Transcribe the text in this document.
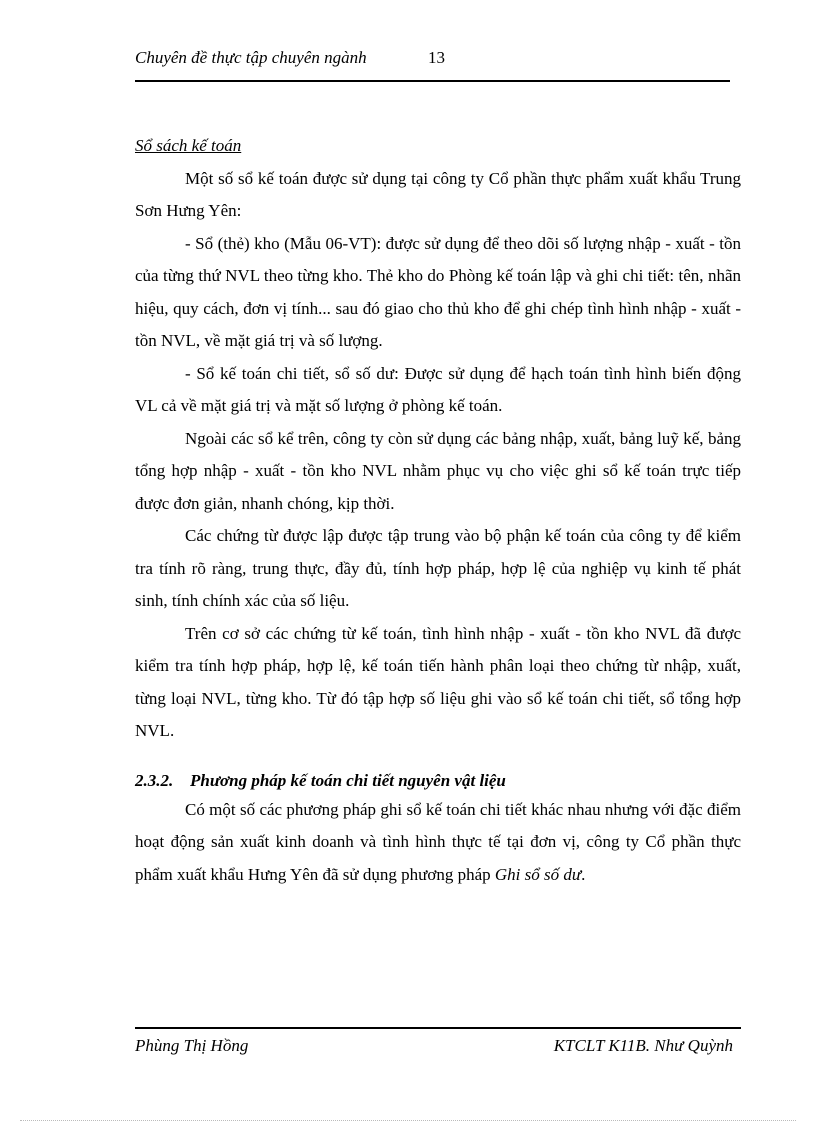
Chuyên đề thực tập chuyên ngành	13
Sổ sách kế toán

Một số sổ kế toán được sử dụng tại công ty Cổ phần thực phẩm xuất khẩu Trung Sơn Hưng Yên:

- Sổ (thẻ) kho (Mẫu 06-VT): được sử dụng để theo dõi số lượng nhập - xuất - tồn của từng thứ NVL theo từng kho. Thẻ kho do Phòng kế toán lập và ghi chi tiết: tên, nhãn hiệu, quy cách, đơn vị tính... sau đó giao cho thủ kho để ghi chép tình hình nhập - xuất - tồn NVL, về mặt giá trị và số lượng.

- Sổ kế toán chi tiết, sổ số dư: Được sử dụng để hạch toán tình hình biến động VL cả về mặt giá trị và mặt số lượng ở phòng kế toán.

Ngoài các sổ kể trên, công ty còn sử dụng các bảng nhập, xuất, bảng luỹ kế, bảng tổng hợp nhập - xuất - tồn kho NVL nhằm phục vụ cho việc ghi sổ kế toán trực tiếp được đơn giản, nhanh chóng, kịp thời.

Các chứng từ được lập được tập trung vào bộ phận kế toán của công ty để kiểm tra tính rõ ràng, trung thực, đầy đủ, tính hợp pháp, hợp lệ của nghiệp vụ kinh tế phát sinh, tính chính xác của số liệu.

Trên cơ sở các chứng từ kế toán, tình hình nhập - xuất - tồn kho NVL đã được kiểm tra tính hợp pháp, hợp lệ, kế toán tiến hành phân loại theo chứng từ nhập, xuất, từng loại NVL, từng kho. Từ đó tập hợp số liệu ghi vào sổ kế toán chi tiết, sổ tổng hợp NVL.

2.3.2. Phương pháp kế toán chi tiết nguyên vật liệu

Có một số các phương pháp ghi sổ kế toán chi tiết khác nhau nhưng với đặc điểm hoạt động sản xuất kinh doanh và tình hình thực tế tại đơn vị, công ty Cổ phần thực phẩm xuất khẩu Hưng Yên đã sử dụng phương pháp Ghi sổ số dư.

Phùng Thị Hồng	KTCLT K11B. Như Quỳnh
